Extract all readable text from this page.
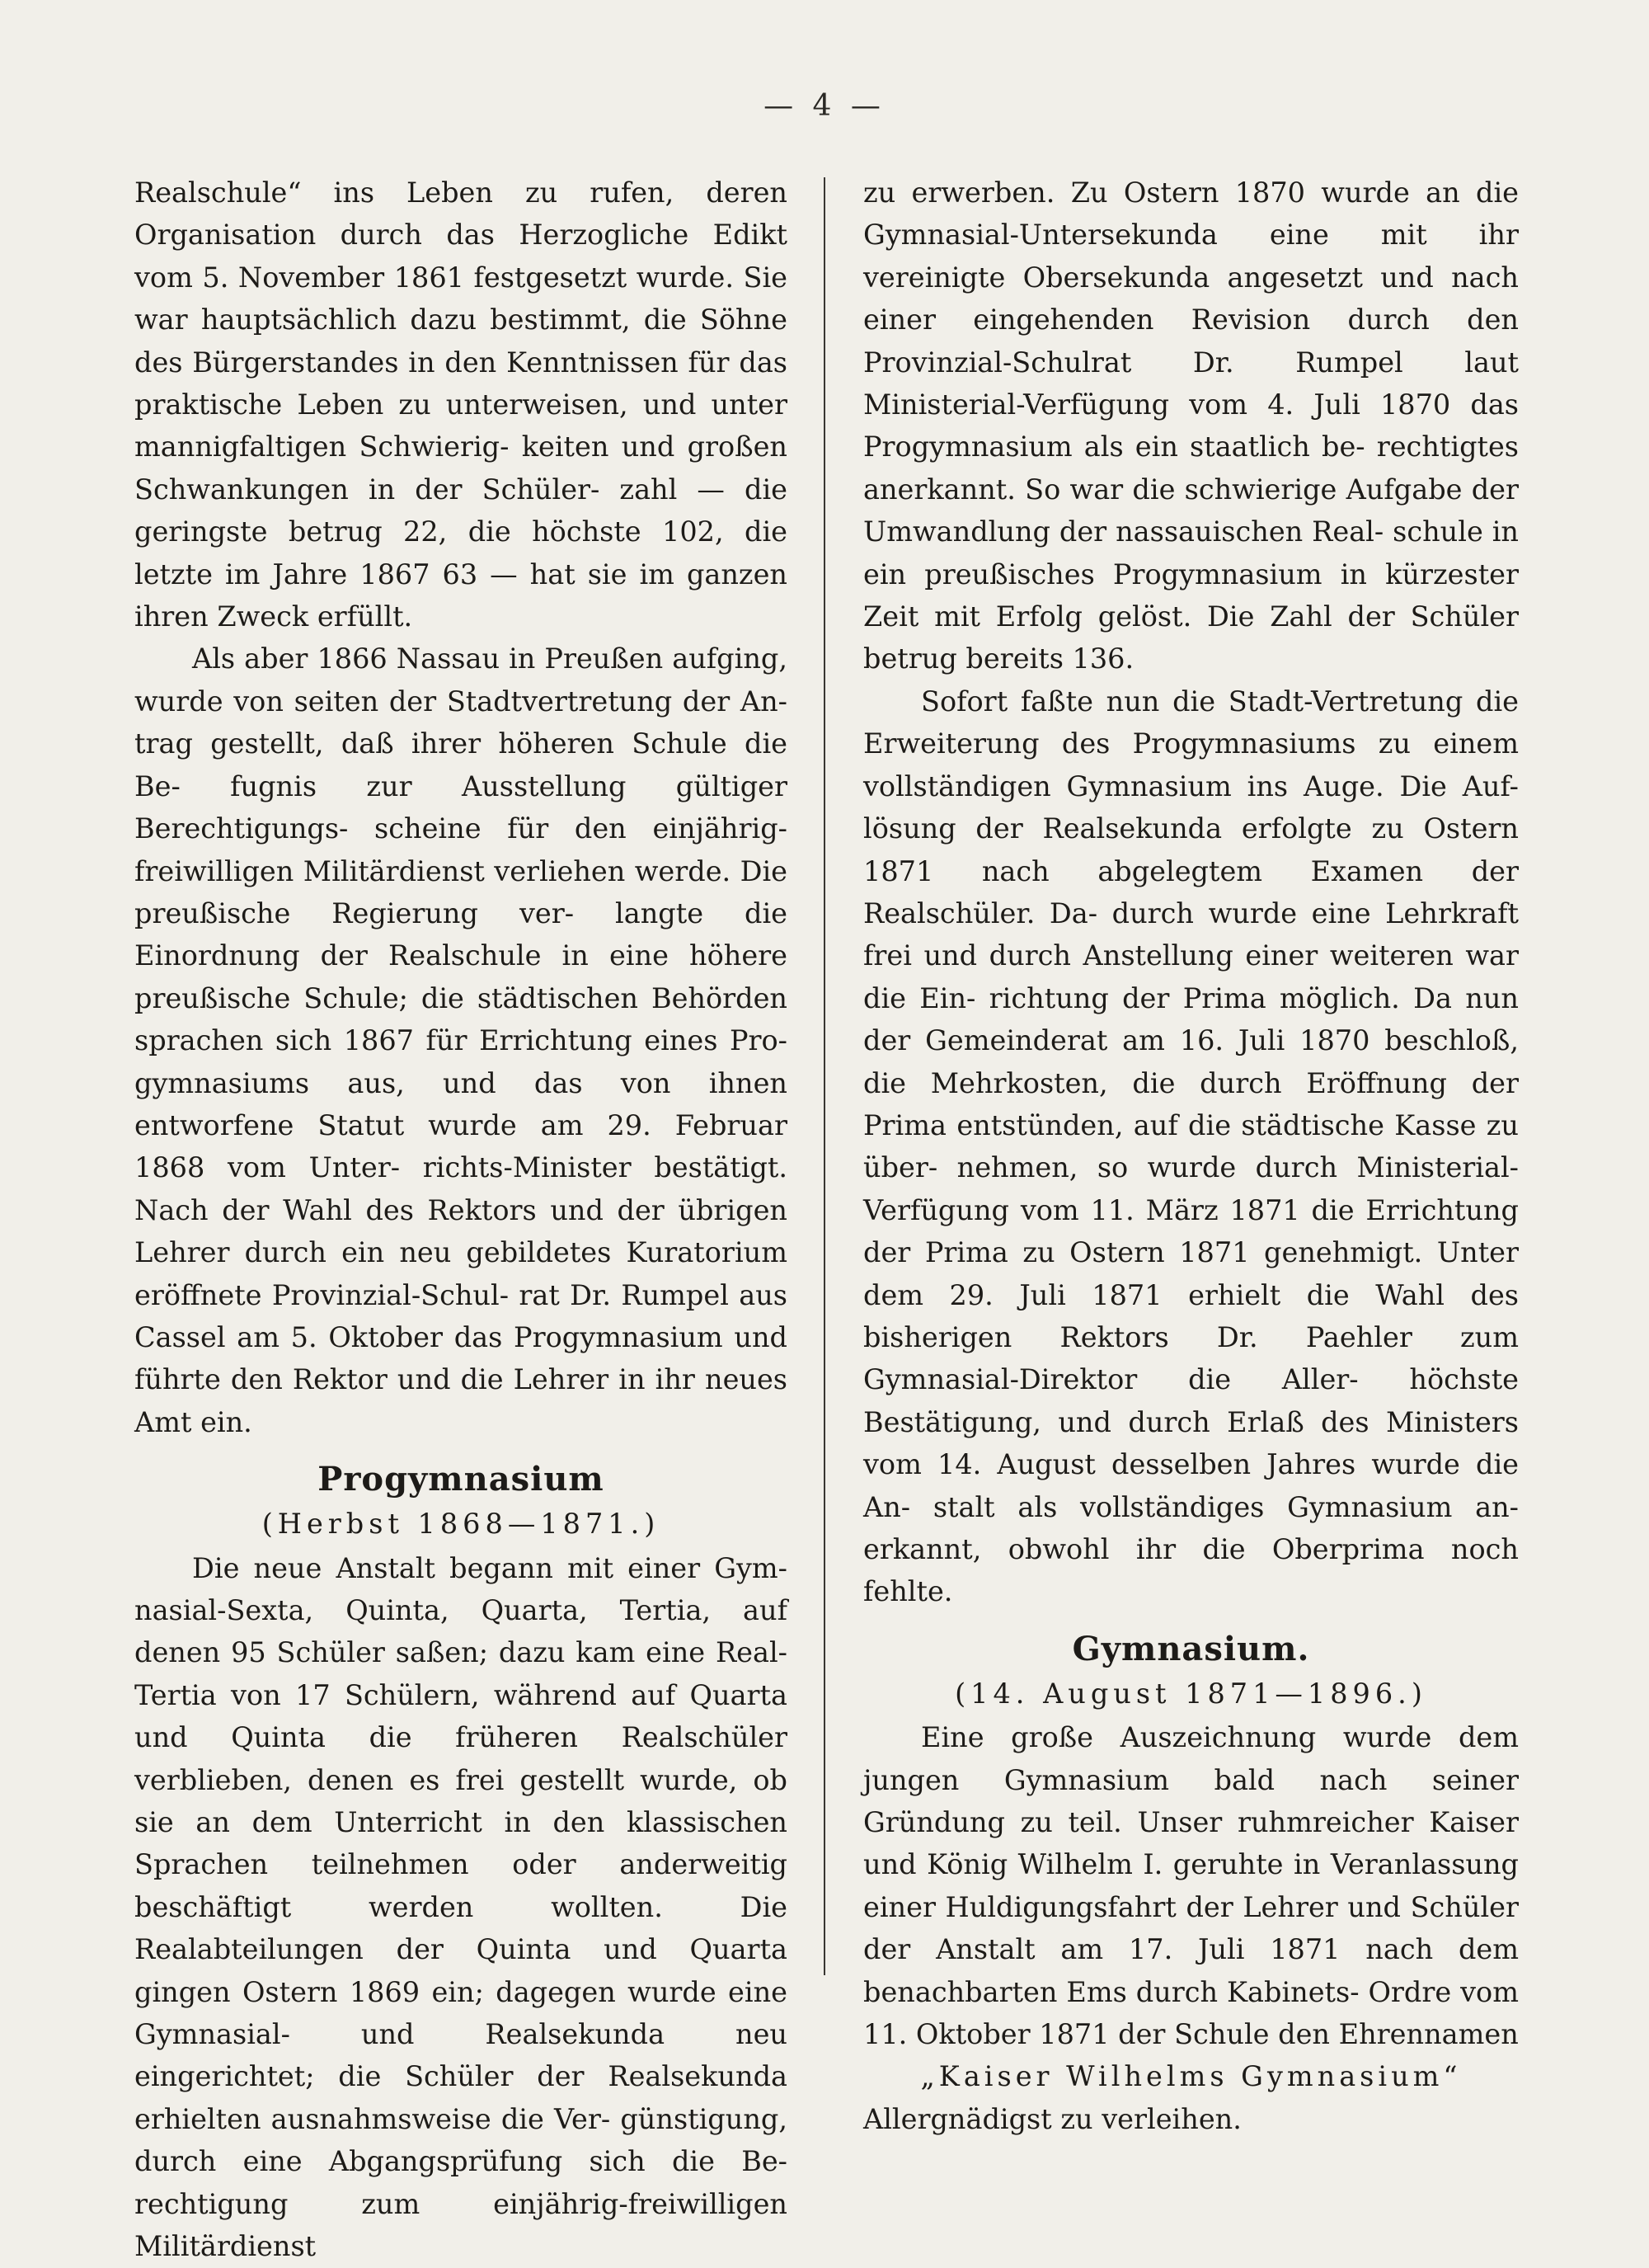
— 4 —

Realschule“ ins Leben zu rufen, deren Organisation durch das Herzogliche Edikt vom 5. November 1861 festgesetzt wurde. Sie war hauptsächlich dazu bestimmt, die Söhne des Bürgerstandes in den Kenntnissen für das praktische Leben zu unterweisen, und unter mannigfaltigen Schwierig- keiten und großen Schwankungen in der Schüler- zahl — die geringste betrug 22, die höchste 102, die letzte im Jahre 1867 63 — hat sie im ganzen ihren Zweck erfüllt.

Als aber 1866 Nassau in Preußen aufging, wurde von seiten der Stadtvertretung der An- trag gestellt, daß ihrer höheren Schule die Be- fugnis zur Ausstellung gültiger Berechtigungs- scheine für den einjährig-freiwilligen Militärdienst verliehen werde. Die preußische Regierung ver- langte die Einordnung der Realschule in eine höhere preußische Schule; die städtischen Behörden sprachen sich 1867 für Errichtung eines Pro- gymnasiums aus, und das von ihnen entworfene Statut wurde am 29. Februar 1868 vom Unter- richts-Minister bestätigt. Nach der Wahl des Rektors und der übrigen Lehrer durch ein neu gebildetes Kuratorium eröffnete Provinzial-Schul- rat Dr. Rumpel aus Cassel am 5. Oktober das Progymnasium und führte den Rektor und die Lehrer in ihr neues Amt ein.

Progymnasium
(Herbst 1868—1871.)

Die neue Anstalt begann mit einer Gym- nasial-Sexta, Quinta, Quarta, Tertia, auf denen 95 Schüler saßen; dazu kam eine Real-Tertia von 17 Schülern, während auf Quarta und Quinta die früheren Realschüler verblieben, denen es frei gestellt wurde, ob sie an dem Unterricht in den klassischen Sprachen teilnehmen oder anderweitig beschäftigt werden wollten. Die Realabteilungen der Quinta und Quarta gingen Ostern 1869 ein; dagegen wurde eine Gymnasial- und Realsekunda neu eingerichtet; die Schüler der Realsekunda erhielten ausnahmsweise die Ver- günstigung, durch eine Abgangsprüfung sich die Be- rechtigung zum einjährig-freiwilligen Militärdienst

zu erwerben. Zu Ostern 1870 wurde an die Gymnasial-Untersekunda eine mit ihr vereinigte Obersekunda angesetzt und nach einer eingehenden Revision durch den Provinzial-Schulrat Dr. Rumpel laut Ministerial-Verfügung vom 4. Juli 1870 das Progymnasium als ein staatlich be- rechtigtes anerkannt. So war die schwierige Aufgabe der Umwandlung der nassauischen Real- schule in ein preußisches Progymnasium in kürzester Zeit mit Erfolg gelöst. Die Zahl der Schüler betrug bereits 136.

Sofort faßte nun die Stadt-Vertretung die Erweiterung des Progymnasiums zu einem vollständigen Gymnasium ins Auge. Die Auf- lösung der Realsekunda erfolgte zu Ostern 1871 nach abgelegtem Examen der Realschüler. Da- durch wurde eine Lehrkraft frei und durch Anstellung einer weiteren war die Ein- richtung der Prima möglich. Da nun der Gemeinderat am 16. Juli 1870 beschloß, die Mehrkosten, die durch Eröffnung der Prima entstünden, auf die städtische Kasse zu über- nehmen, so wurde durch Ministerial-Verfügung vom 11. März 1871 die Errichtung der Prima zu Ostern 1871 genehmigt. Unter dem 29. Juli 1871 erhielt die Wahl des bisherigen Rektors Dr. Paehler zum Gymnasial-Direktor die Aller- höchste Bestätigung, und durch Erlaß des Ministers vom 14. August desselben Jahres wurde die An- stalt als vollständiges Gymnasium an- erkannt, obwohl ihr die Oberprima noch fehlte.

Gymnasium.
(14. August 1871—1896.)

Eine große Auszeichnung wurde dem jungen Gymnasium bald nach seiner Gründung zu teil. Unser ruhmreicher Kaiser und König Wilhelm I. geruhte in Veranlassung einer Huldigungsfahrt der Lehrer und Schüler der Anstalt am 17. Juli 1871 nach dem benachbarten Ems durch Kabinets- Ordre vom 11. Oktober 1871 der Schule den Ehrennamen

„Kaiser Wilhelms Gymnasium“

Allergnädigst zu verleihen.
